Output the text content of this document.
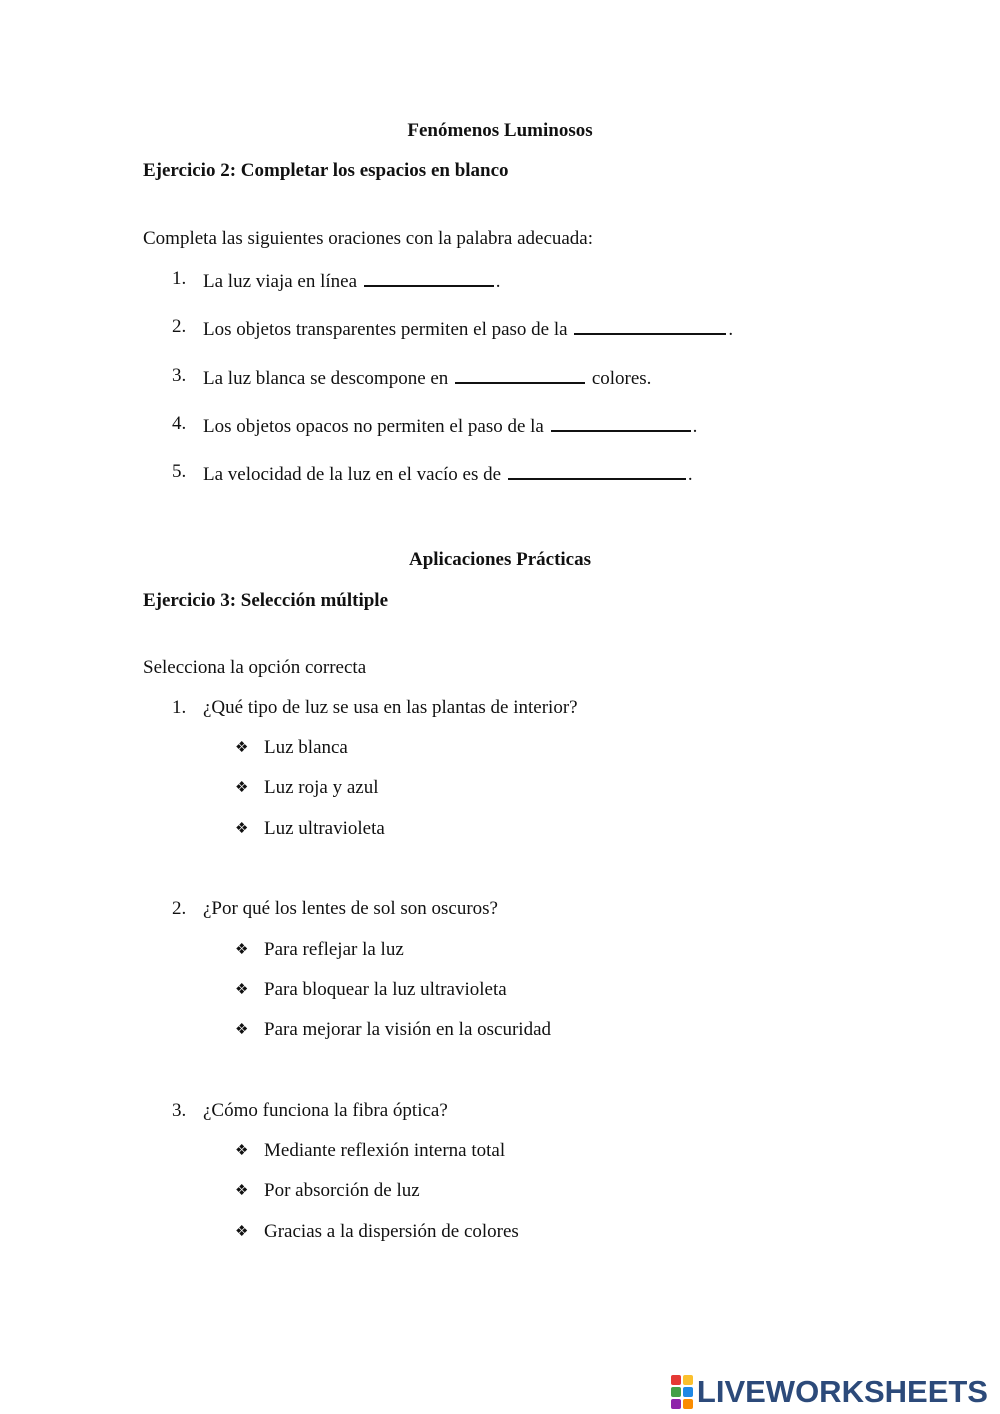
Fenómenos Luminosos
Ejercicio 2: Completar los espacios en blanco
Completa las siguientes oraciones con la palabra adecuada:
1. La luz viaja en línea	.
2. Los objetos transparentes permiten el paso de la	.
3. La luz blanca se descompone en	colores.
4. Los objetos opacos no permiten el paso de la	.
5. La velocidad de la luz en el vacío es de	.
Aplicaciones Prácticas
Ejercicio 3: Selección múltiple
Selecciona la opción correcta
1. ¿Qué tipo de luz se usa en las plantas de interior?
❖ Luz blanca
❖ Luz roja y azul
❖ Luz ultravioleta
2. ¿Por qué los lentes de sol son oscuros?
❖ Para reflejar la luz
❖ Para bloquear la luz ultravioleta
❖ Para mejorar la visión en la oscuridad
3. ¿Cómo funciona la fibra óptica?
❖ Mediante reflexión interna total
❖ Por absorción de luz
❖ Gracias a la dispersión de colores
LIVEWORKSHEETS
